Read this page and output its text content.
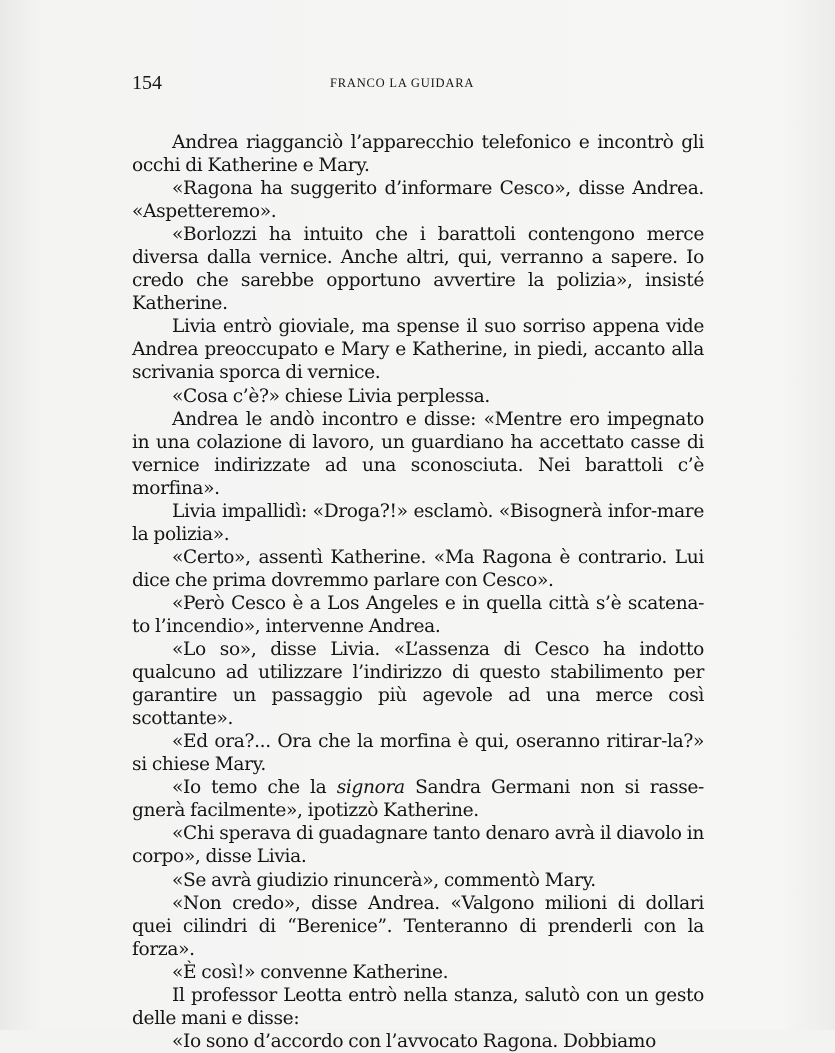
154	FRANCO LA GUIDARA

Andrea riagganciò l’apparecchio telefonico e incontrò gli occhi di Katherine e Mary.

«Ragona ha suggerito d’informare Cesco», disse Andrea. «Aspetteremo».

«Borlozzi ha intuito che i barattoli contengono merce diversa dalla vernice. Anche altri, qui, verranno a sapere. Io credo che sarebbe opportuno avvertire la polizia», insisté Katherine.

Livia entrò gioviale, ma spense il suo sorriso appena vide Andrea preoccupato e Mary e Katherine, in piedi, accanto alla scrivania sporca di vernice.

«Cosa c’è?» chiese Livia perplessa.

Andrea le andò incontro e disse: «Mentre ero impegnato in una colazione di lavoro, un guardiano ha accettato casse di vernice indirizzate ad una sconosciuta. Nei barattoli c’è morfina».

Livia impallidì: «Droga?!» esclamò. «Bisognerà infor-mare la polizia».

«Certo», assentì Katherine. «Ma Ragona è contrario. Lui dice che prima dovremmo parlare con Cesco».

«Però Cesco è a Los Angeles e in quella città s’è scatena-to l’incendio», intervenne Andrea.

«Lo so», disse Livia. «L’assenza di Cesco ha indotto qualcuno ad utilizzare l’indirizzo di questo stabilimento per garantire un passaggio più agevole ad una merce così scottante».

«Ed ora?... Ora che la morfina è qui, oseranno ritirar-la?» si chiese Mary.

«Io temo che la signora Sandra Germani non si rasse-gnerà facilmente», ipotizzò Katherine.

«Chi sperava di guadagnare tanto denaro avrà il diavolo in corpo», disse Livia.

«Se avrà giudizio rinuncerà», commentò Mary.

«Non credo», disse Andrea. «Valgono milioni di dollari quei cilindri di “Berenice”. Tenteranno di prenderli con la forza».

«È così!» convenne Katherine.

Il professor Leotta entrò nella stanza, salutò con un gesto delle mani e disse:

«Io sono d’accordo con l’avvocato Ragona. Dobbiamo
